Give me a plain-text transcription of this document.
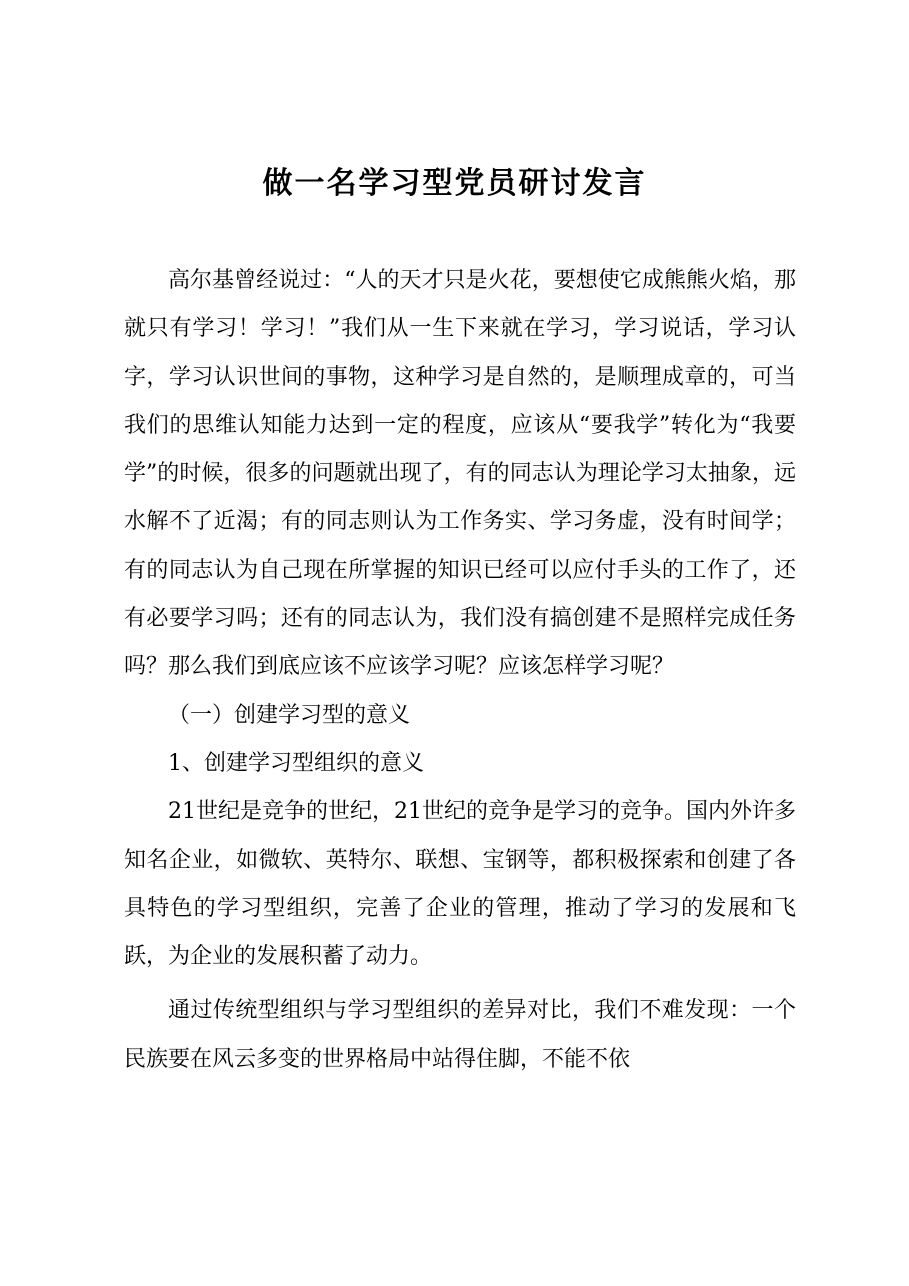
做一名学习型党员研讨发言

高尔基曾经说过：“人的天才只是火花，要想使它成熊熊火焰，那就只有学习！学习！”我们从一生下来就在学习，学习说话，学习认字，学习认识世间的事物，这种学习是自然的，是顺理成章的，可当我们的思维认知能力达到一定的程度，应该从“要我学”转化为“我要学”的时候，很多的问题就出现了，有的同志认为理论学习太抽象，远水解不了近渴；有的同志则认为工作务实、学习务虚，没有时间学；有的同志认为自己现在所掌握的知识已经可以应付手头的工作了，还有必要学习吗；还有的同志认为，我们没有搞创建不是照样完成任务吗？那么我们到底应该不应该学习呢？应该怎样学习呢？

（一）创建学习型的意义

1、创建学习型组织的意义

21世纪是竞争的世纪，21世纪的竞争是学习的竞争。国内外许多知名企业，如微软、英特尔、联想、宝钢等，都积极探索和创建了各具特色的学习型组织，完善了企业的管理，推动了学习的发展和飞跃，为企业的发展积蓄了动力。

通过传统型组织与学习型组织的差异对比，我们不难发现：一个民族要在风云多变的世界格局中站得住脚，不能不依
